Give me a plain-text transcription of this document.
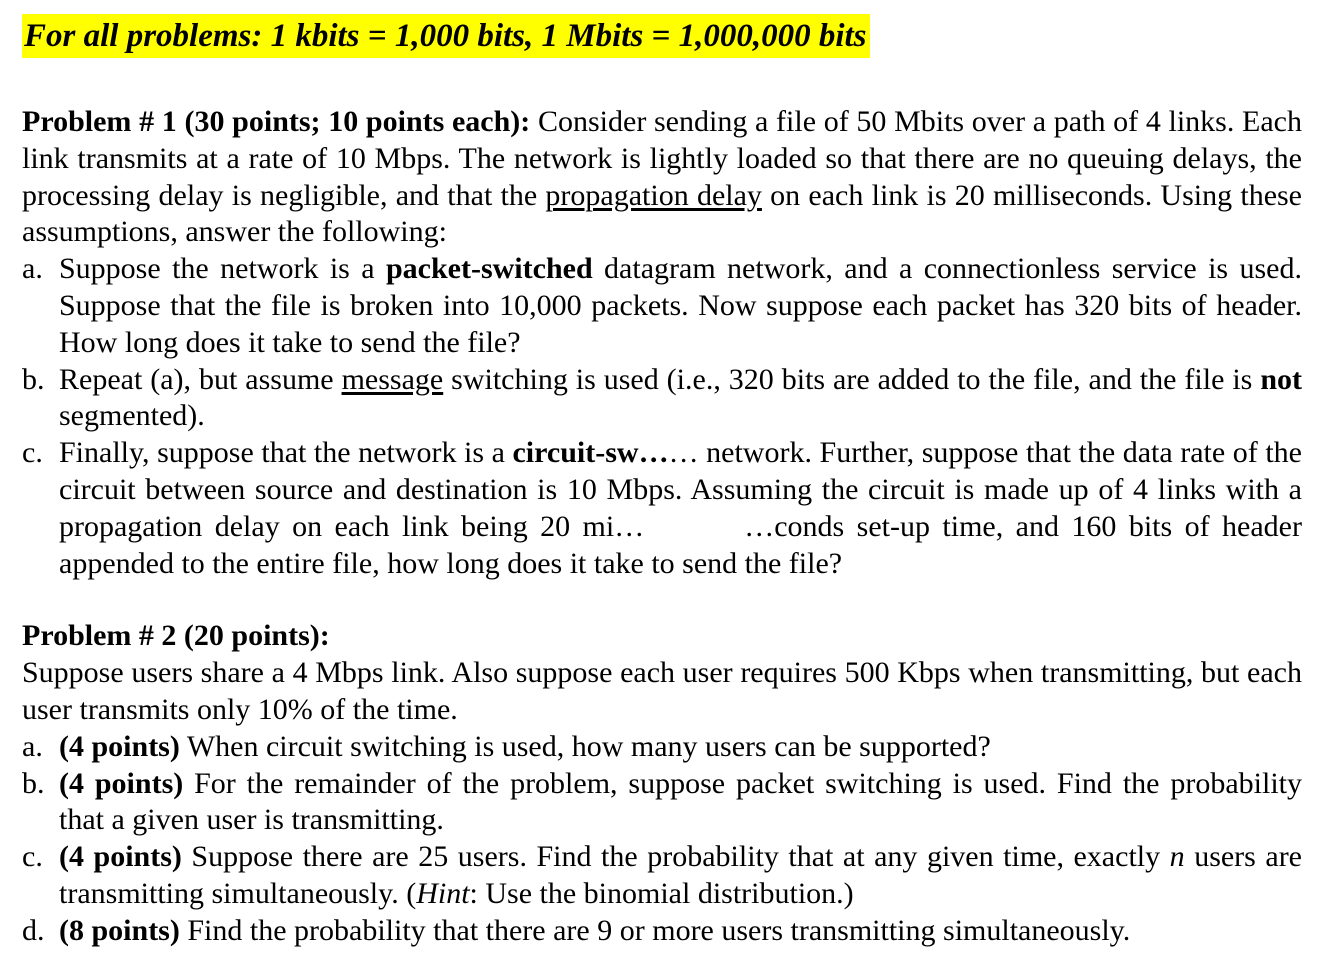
For all problems: 1 kbits = 1,000 bits, 1 Mbits = 1,000,000 bits
Problem # 1 (30 points; 10 points each): Consider sending a file of 50 Mbits over a path of 4 links. Each link transmits at a rate of 10 Mbps. The network is lightly loaded so that there are no queuing delays, the processing delay is negligible, and that the propagation delay on each link is 20 milliseconds. Using these assumptions, answer the following:
a. Suppose the network is a packet-switched datagram network, and a connectionless service is used. Suppose that the file is broken into 10,000 packets. Now suppose each packet has 320 bits of header. How long does it take to send the file?
b. Repeat (a), but assume message switching is used (i.e., 320 bits are added to the file, and the file is not segmented).
c. Finally, suppose that the network is a circuit-sw…… network. Further, suppose that the data rate of the circuit between source and destination is 10 Mbps. Assuming the circuit is made up of 4 links with a propagation delay on each link being 20 mi…	…conds set-up time, and 160 bits of header appended to the entire file, how long does it take to send the file?
Problem # 2 (20 points):
Suppose users share a 4 Mbps link. Also suppose each user requires 500 Kbps when transmitting, but each user transmits only 10% of the time.
a. (4 points) When circuit switching is used, how many users can be supported?
b. (4 points) For the remainder of the problem, suppose packet switching is used. Find the probability that a given user is transmitting.
c. (4 points) Suppose there are 25 users. Find the probability that at any given time, exactly n users are transmitting simultaneously. (Hint: Use the binomial distribution.)
d. (8 points) Find the probability that there are 9 or more users transmitting simultaneously.
